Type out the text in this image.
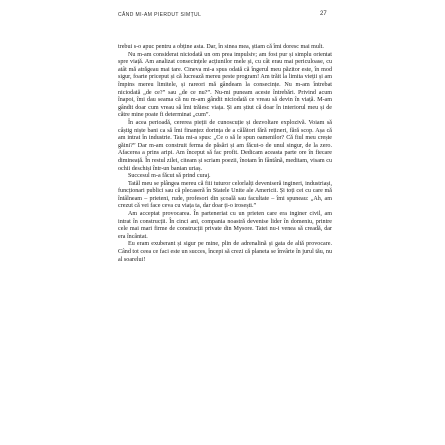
CÂND MI-AM PIERDUT SIMȚUL	27

trebui s-o apuc pentru a obține asta. Dar, în sinea mea, știam că îmi doresc mai mult.

Nu m-am considerat niciodată un om prea impulsiv; am fost pur și simplu orientat spre viață. Am analizat consecințele acțiunilor mele și, cu cât erau mai periculoase, cu atât mă atrăgeau mai tare. Cineva mi-a spus odată că îngerul meu păzitor este, în mod sigur, foarte priceput și că lucrează mereu peste program! Am trăit la limita vieții și am împins mereu limitele, și rareori mă gândeam la consecințe. Nu m-am întrebat niciodată „de ce?” sau „de ce nu?”. Nu-mi puneam aceste întrebări. Privind acum înapoi, îmi dau seama că nu m-am gândit niciodată ce vreau să devin în viață. M-am gândit doar cum vreau să îmi trăiesc viața. Și am știut că doar în interiorul meu și de către mine poate fi determinat „cum”.

În acea perioadă, cererea pieții de cunoscuție și dezvoltare explozivă. Voiam să câștig niște bani ca să îmi finanțez dorința de a călători fără rețineri, fără scop. Așa că am intrat în industrie. Tata mi-a spus: „Ce o să le spun oamenilor? Că fiul meu crește găini?” Dar m-am construit ferma de păsări și am făcut-o de unul singur, de la zero. Afacerea a prins aripi. Am început să fac profit. Dedicam aceasta parte ore în fiecare dimineață. În restul zilei, citeam și scriam poezii, înotam în fântână, meditam, visam cu ochii deschiși într-un banian uriaș.

Succesul m-a făcut să prind curaj.

Tatăl meu se plângea mereu că fiii tuturor celorlalți deveniseră ingineri, industriași, funcționari publici sau că plecaseră în Statele Unite ale Americii. Și toți cei cu care mă întâlneam – prieteni, rude, profesori din școală sau facultate – îmi spuneau: „Ah, am crezut că vei face ceva cu viața ta, dar doar ți-o irosești.”

Am acceptat provocarea. În parteneriat cu un prieten care era inginer civil, am intrat în construcții. În cinci ani, compania noastră devenise lider în domeniu, printre cele mai mari firme de construcții private din Mysore. Tatei nu-i venea să creadă, dar era încântat.

Eu eram exuberant și sigur pe mine, plin de adrenalină și gata de altă provocare. Când tot ceea ce faci este un succes, începi să crezi că planeta se învârte în jurul tău, nu al soarelui!
